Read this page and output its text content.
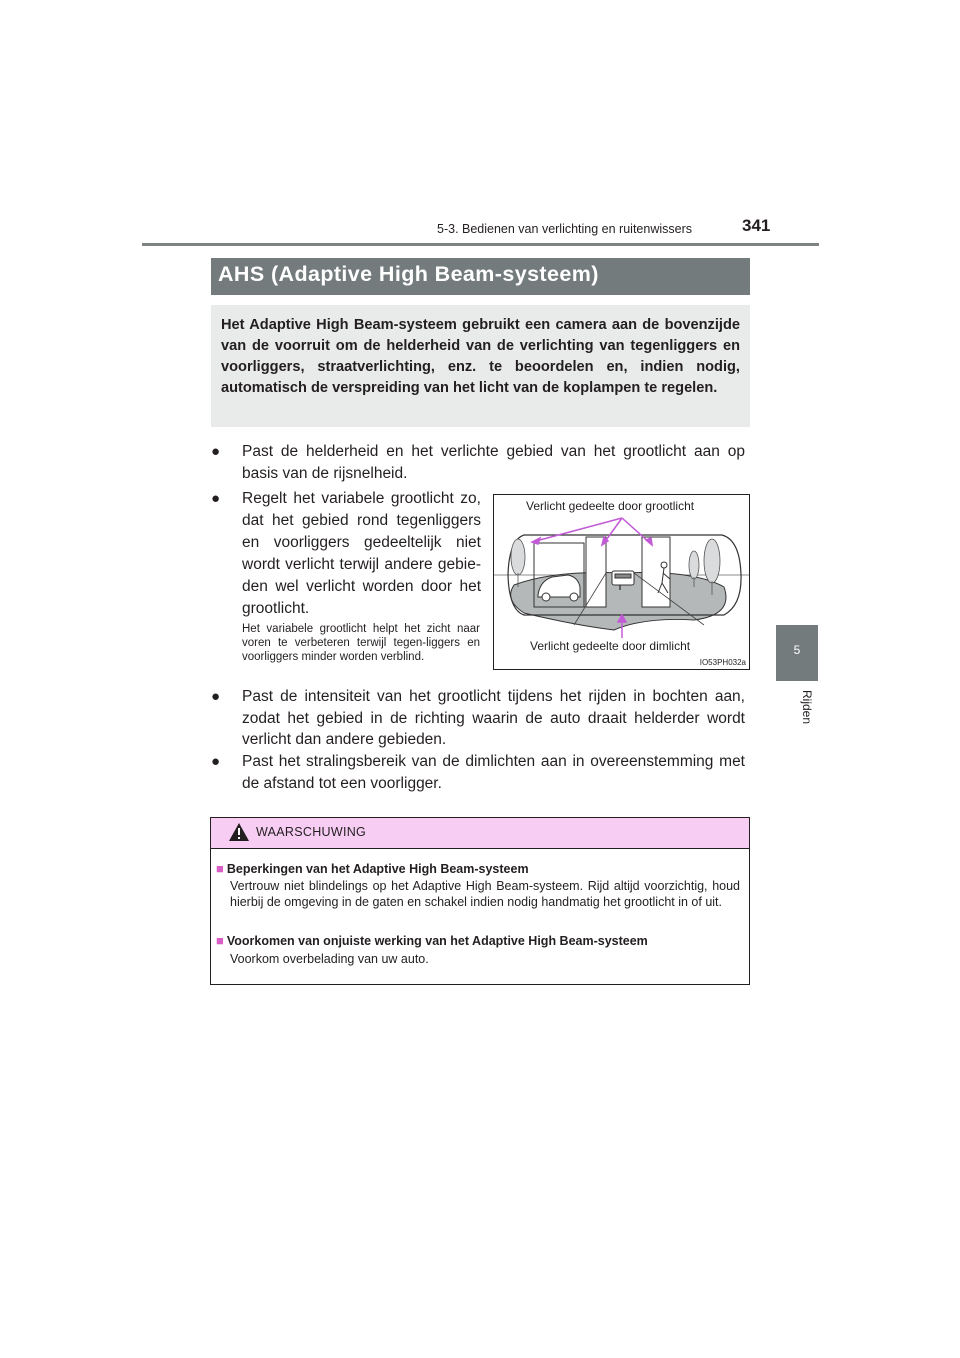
5-3. Bedienen van verlichting en ruitenwissers	341
5
Rijden
AHS (Adaptive High Beam-systeem)

Het Adaptive High Beam-systeem gebruikt een camera aan de bovenzijde van de voorruit om de helderheid van de verlichting van tegenliggers en voorliggers, straatverlichting, enz. te beoordelen en, indien nodig, automatisch de verspreiding van het licht van de koplampen te regelen.

● Past de helderheid en het verlichte gebied van het grootlicht aan op basis van de rijsnelheid.
● Regelt het variabele grootlicht zo, dat het gebied rond tegenliggers en voorliggers gedeeltelijk niet wordt verlicht terwijl andere gebie-den wel verlicht worden door het grootlicht.
Het variabele grootlicht helpt het zicht naar voren te verbeteren terwijl tegen-liggers en voorliggers minder worden verblind.
Verlicht gedeelte door grootlicht
Verlicht gedeelte door dimlicht
IO53PH032a
● Past de intensiteit van het grootlicht tijdens het rijden in bochten aan, zodat het gebied in de richting waarin de auto draait helderder wordt verlicht dan andere gebieden.
● Past het stralingsbereik van de dimlichten aan in overeenstemming met de afstand tot een voorligger.
WAARSCHUWING
■ Beperkingen van het Adaptive High Beam-systeem
Vertrouw niet blindelings op het Adaptive High Beam-systeem. Rijd altijd voorzichtig, houd hierbij de omgeving in de gaten en schakel indien nodig handmatig het grootlicht in of uit.
■ Voorkomen van onjuiste werking van het Adaptive High Beam-systeem
Voorkom overbelading van uw auto.
